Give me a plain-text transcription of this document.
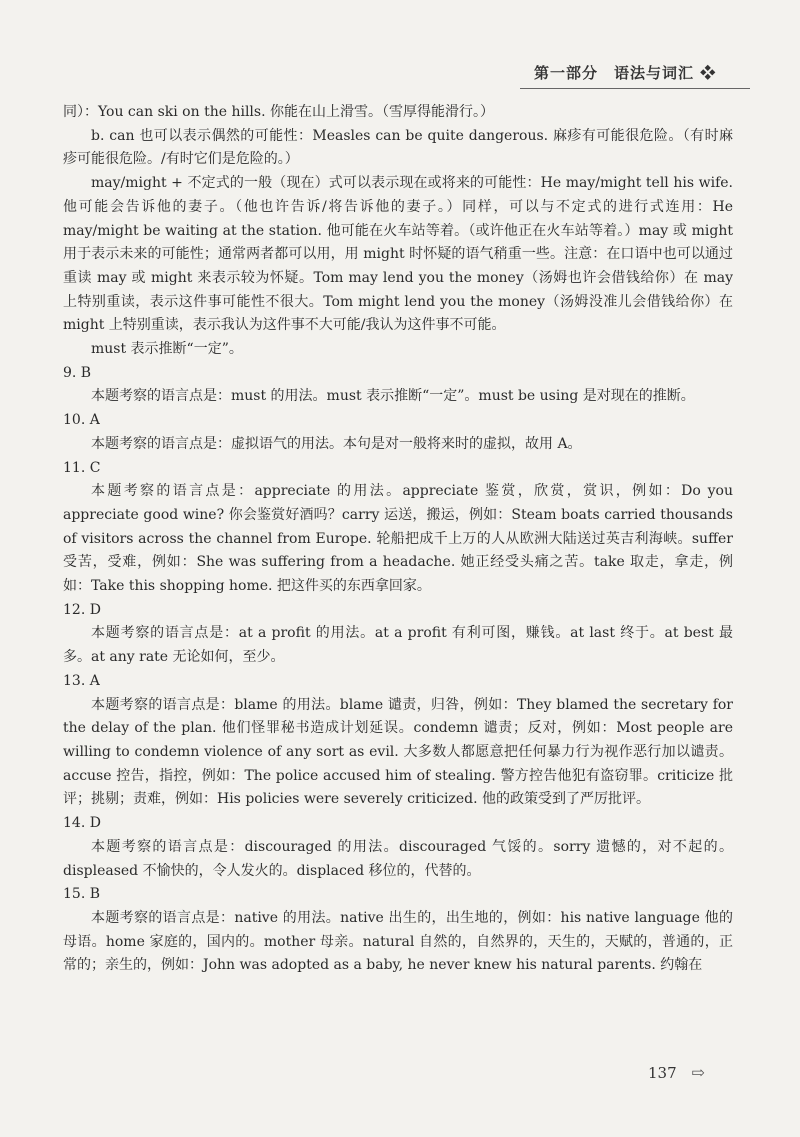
第一部分　语法与词汇 ❖

同）：You can ski on the hills. 你能在山上滑雪。（雪厚得能滑行。）

b. can 也可以表示偶然的可能性：Measles can be quite dangerous. 麻疹有可能很危险。（有时麻疹可能很危险。/有时它们是危险的。）

may/might + 不定式的一般（现在）式可以表示现在或将来的可能性：He may/might tell his wife. 他可能会告诉他的妻子。（他也许告诉/将告诉他的妻子。）同样，可以与不定式的进行式连用：He may/might be waiting at the station. 他可能在火车站等着。（或许他正在火车站等着。）may 或 might 用于表示未来的可能性；通常两者都可以用，用 might 时怀疑的语气稍重一些。注意：在口语中也可以通过重读 may 或 might 来表示较为怀疑。Tom may lend you the money（汤姆也许会借钱给你）在 may 上特别重读，表示这件事可能性不很大。Tom might lend you the money（汤姆没准儿会借钱给你）在 might 上特别重读，表示我认为这件事不大可能/我认为这件事不可能。

must 表示推断“一定”。

9. B

本题考察的语言点是：must 的用法。must 表示推断“一定”。must be using 是对现在的推断。

10. A

本题考察的语言点是：虚拟语气的用法。本句是对一般将来时的虚拟，故用 A。

11. C

本题考察的语言点是：appreciate 的用法。appreciate 鉴赏，欣赏，赏识，例如：Do you appreciate good wine? 你会鉴赏好酒吗？carry 运送，搬运，例如：Steam boats carried thousands of visitors across the channel from Europe. 轮船把成千上万的人从欧洲大陆送过英吉利海峡。suffer 受苦，受难，例如：She was suffering from a headache. 她正经受头痛之苦。take 取走，拿走，例如：Take this shopping home. 把这件买的东西拿回家。

12. D

本题考察的语言点是：at a profit 的用法。at a profit 有利可图，赚钱。at last 终于。at best 最多。at any rate 无论如何，至少。

13. A

本题考察的语言点是：blame 的用法。blame 谴责，归咎，例如：They blamed the secretary for the delay of the plan. 他们怪罪秘书造成计划延误。condemn 谴责；反对，例如：Most people are willing to condemn violence of any sort as evil. 大多数人都愿意把任何暴力行为视作恶行加以谴责。accuse 控告，指控，例如：The police accused him of stealing. 警方控告他犯有盗窃罪。criticize 批评；挑剔；责难，例如：His policies were severely criticized. 他的政策受到了严厉批评。

14. D

本题考察的语言点是：discouraged 的用法。discouraged 气馁的。sorry 遗憾的，对不起的。displeased 不愉快的，令人发火的。displaced 移位的，代替的。

15. B

本题考察的语言点是：native 的用法。native 出生的，出生地的，例如：his native language 他的母语。home 家庭的，国内的。mother 母亲。natural 自然的，自然界的，天生的，天赋的，普通的，正常的；亲生的，例如：John was adopted as a baby, he never knew his natural parents. 约翰在

137 ⇨
